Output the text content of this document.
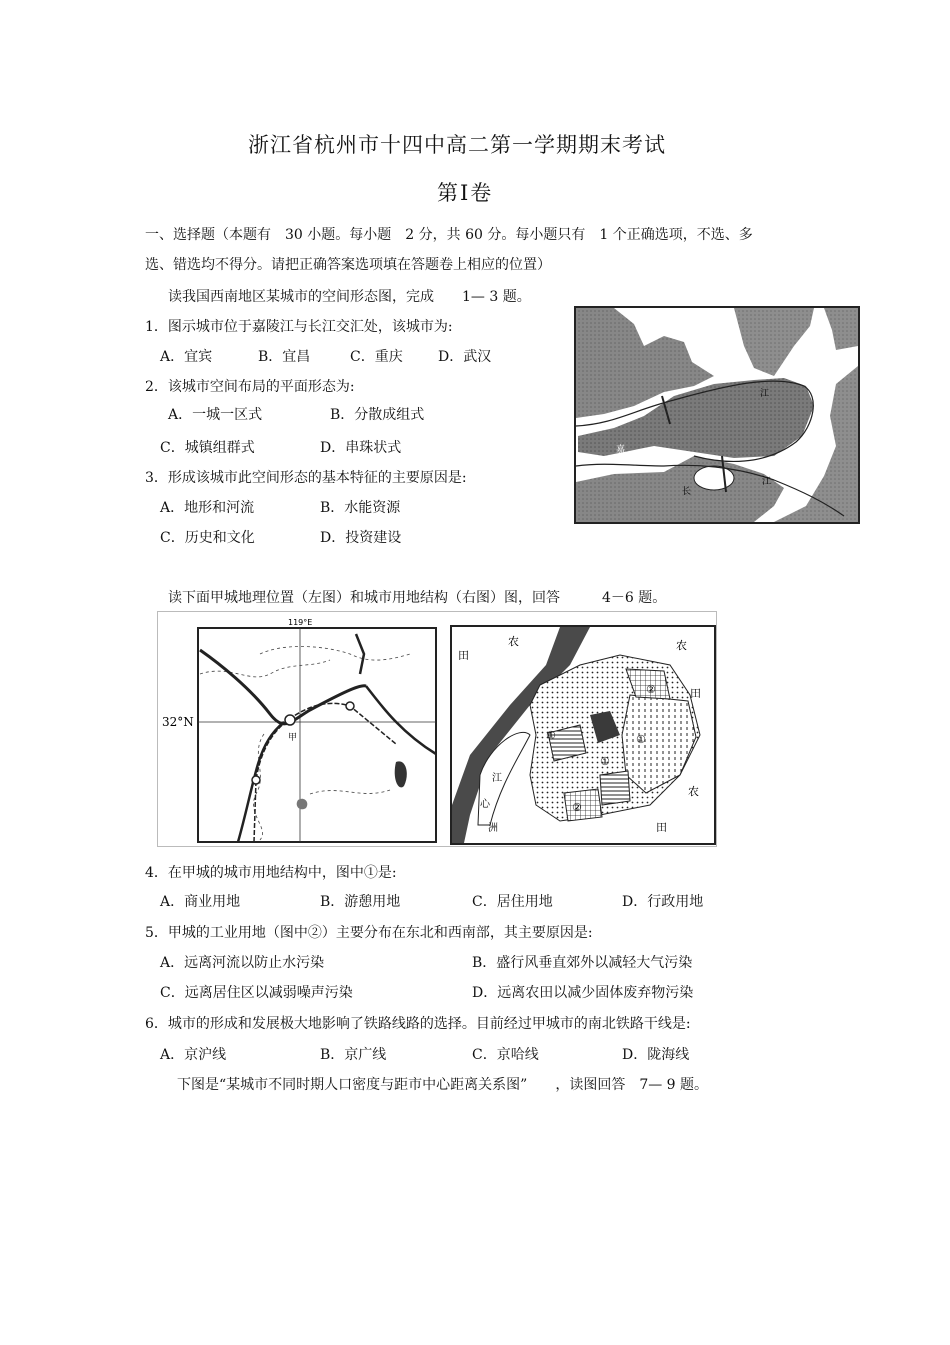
浙江省杭州市十四中高二第一学期期末考试
第Ⅰ卷
一、选择题（本题有　30 小题。每小题　2 分，共 60 分。每小题只有　1 个正确选项，不选、多
选、错选均不得分。请把正确答案选项填在答题卷上相应的位置）
读我国西南地区某城市的空间形态图，完成　　1— 3 题。
1．图示城市位于嘉陵江与长江交汇处，该城市为:
A．宜宾	B．宜昌	C．重庆	D．武汉
2．该城市空间布局的平面形态为:
A．一城一区式	B．分散成组式
C．城镇组群式	D．串珠状式
3．形成该城市此空间形态的基本特征的主要原因是:
A．地形和河流	B．水能资源
C．历史和文化	D．投资建设
江
嘉
长
江
读下面甲城地理位置（左图）和城市用地结构（右图）图，回答　　　4－6 题。
119°E
32°N
甲
农
田
农
田
农
田
江
心
洲
①
①
②
②
①
4．在甲城的城市用地结构中，图中①是:
A．商业用地	B．游憩用地	C．居住用地	D．行政用地
5．甲城的工业用地（图中②）主要分布在东北和西南部，其主要原因是:
A．远离河流以防止水污染	B．盛行风垂直郊外以减轻大气污染
C．远离居住区以减弱噪声污染	D．远离农田以减少固体废弃物污染
6．城市的形成和发展极大地影响了铁路线路的选择。目前经过甲城市的南北铁路干线是:
A．京沪线	B．京广线	C．京哈线	D．陇海线
下图是“某城市不同时期人口密度与距市中心距离关系图”　　，读图回答　7— 9 题。
